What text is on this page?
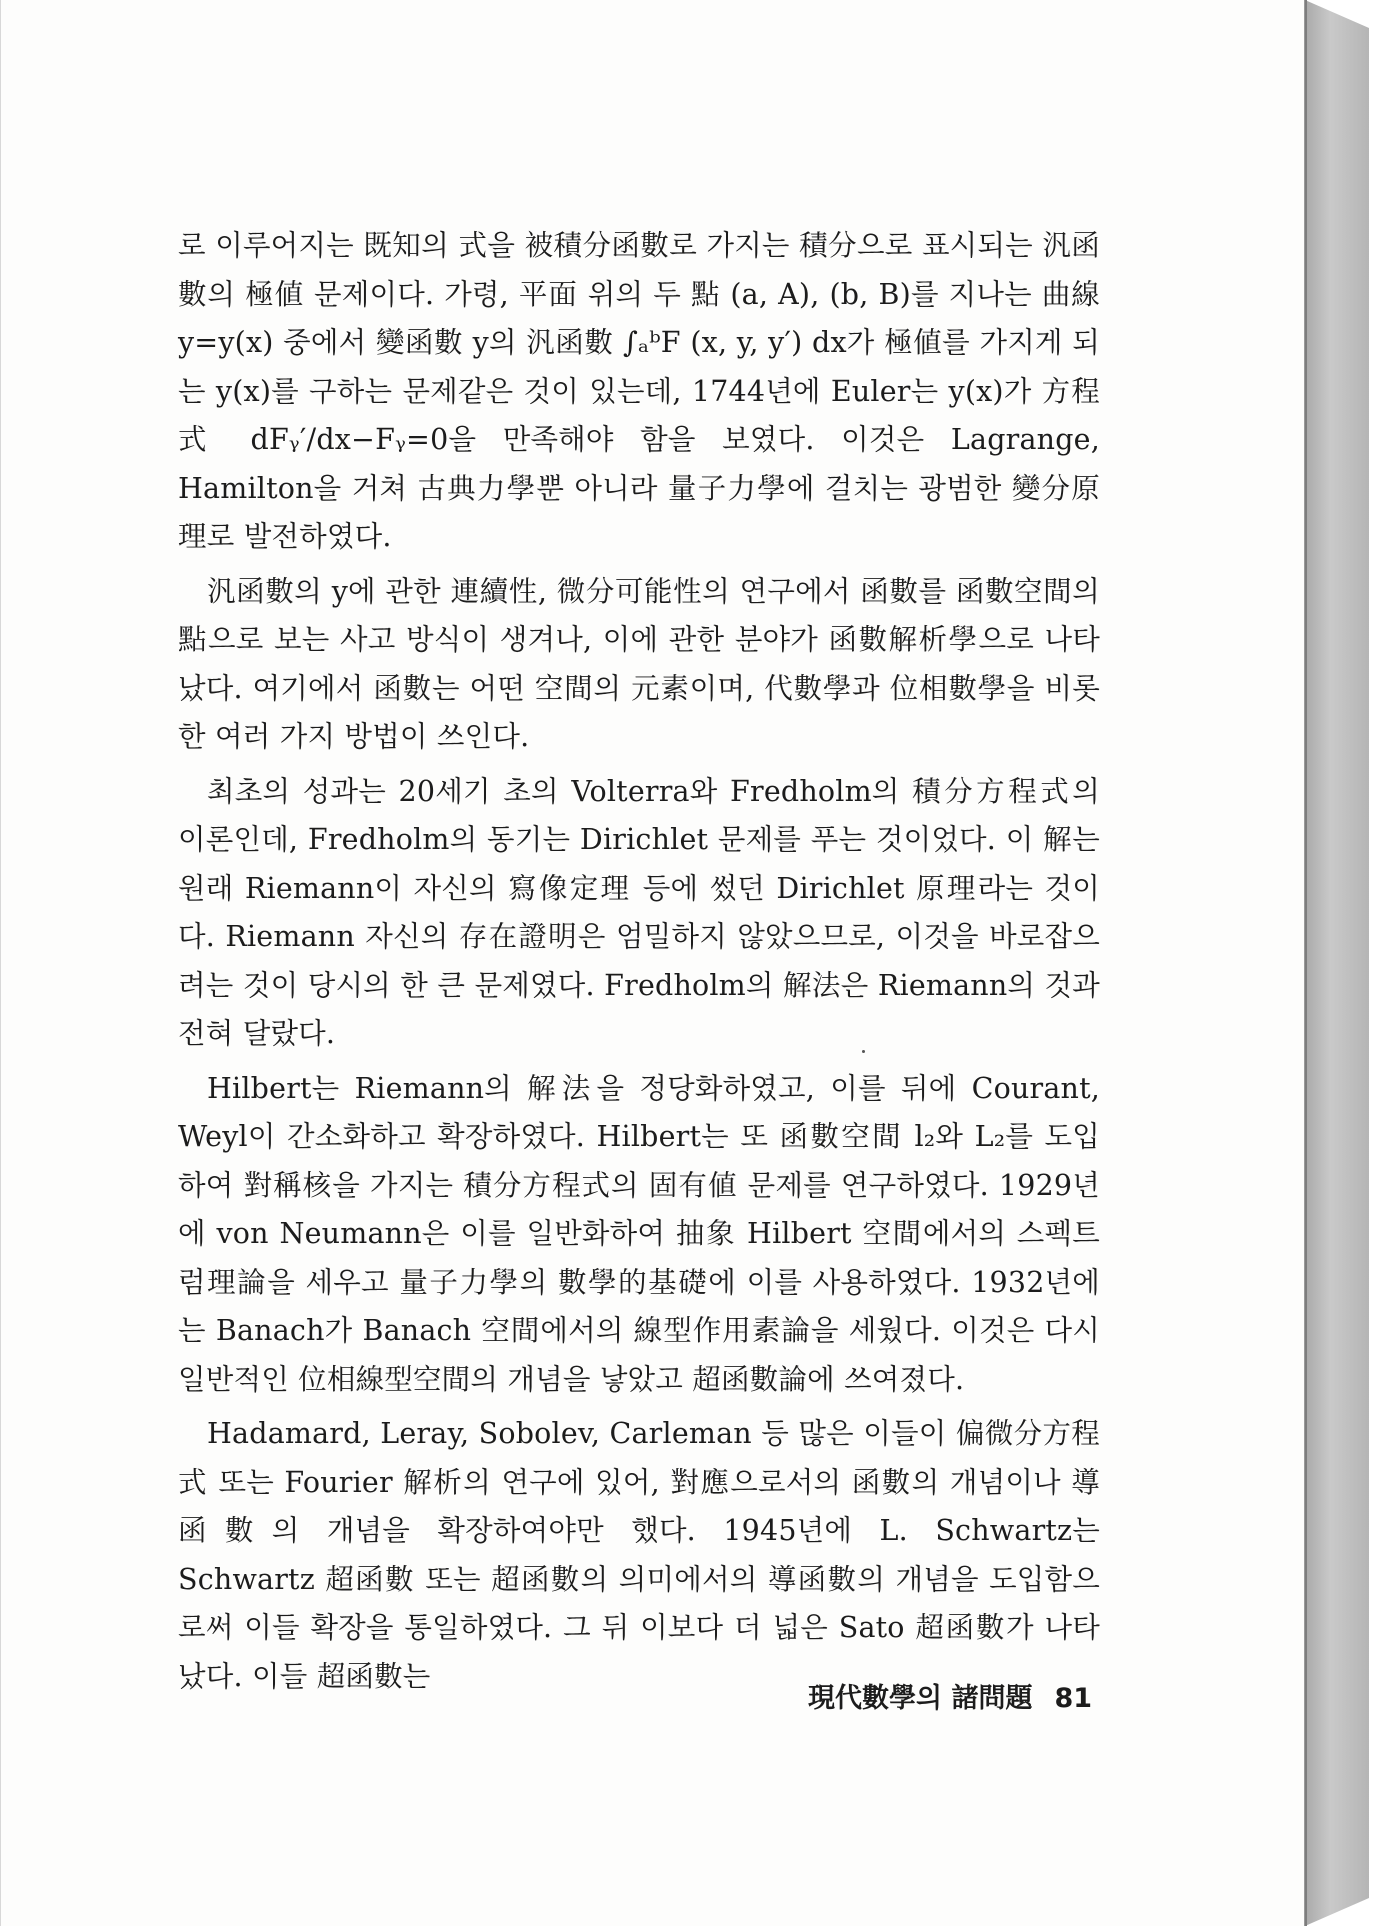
로 이루어지는 既知의 式을 被積分函數로 가지는 積分으로 표시되는 汎函數의 極値 문제이다. 가령, 平面 위의 두 點 (a, A), (b, B)를 지나는 曲線 y=y(x) 중에서 變函數 y의 汎函數 ∫ₐᵇF (x, y, y′) dx가 極値를 가지게 되는 y(x)를 구하는 문제같은 것이 있는데, 1744년에 Euler는 y(x)가 方程式 dFᵧ′/dx−Fᵧ=0을 만족해야 함을 보였다. 이것은 Lagrange, Hamilton을 거쳐 古典力學뿐 아니라 量子力學에 걸치는 광범한 變分原理로 발전하였다.

汎函數의 y에 관한 連續性, 微分可能性의 연구에서 函數를 函數空間의 點으로 보는 사고 방식이 생겨나, 이에 관한 분야가 函數解析學으로 나타났다. 여기에서 函數는 어떤 空間의 元素이며, 代數學과 位相數學을 비롯한 여러 가지 방법이 쓰인다.

최초의 성과는 20세기 초의 Volterra와 Fredholm의 積分方程式의 이론인데, Fredholm의 동기는 Dirichlet 문제를 푸는 것이었다. 이 解는 원래 Riemann이 자신의 寫像定理 등에 썼던 Dirichlet 原理라는 것이다. Riemann 자신의 存在證明은 엄밀하지 않았으므로, 이것을 바로잡으려는 것이 당시의 한 큰 문제였다. Fredholm의 解法은 Riemann의 것과 전혀 달랐다.

Hilbert는 Riemann의 解法을 정당화하였고, 이를 뒤에 Courant, Weyl이 간소화하고 확장하였다. Hilbert는 또 函數空間 l₂와 L₂를 도입하여 對稱核을 가지는 積分方程式의 固有値 문제를 연구하였다. 1929년에 von Neumann은 이를 일반화하여 抽象 Hilbert 空間에서의 스펙트럼理論을 세우고 量子力學의 數學的基礎에 이를 사용하였다. 1932년에는 Banach가 Banach 空間에서의 線型作用素論을 세웠다. 이것은 다시 일반적인 位相線型空間의 개념을 낳았고 超函數論에 쓰여졌다.

Hadamard, Leray, Sobolev, Carleman 등 많은 이들이 偏微分方程式 또는 Fourier 解析의 연구에 있어, 對應으로서의 函數의 개념이나 導函數의 개념을 확장하여야만 했다. 1945년에 L. Schwartz는 Schwartz 超函數 또는 超函數의 의미에서의 導函數의 개념을 도입함으로써 이들 확장을 통일하였다. 그 뒤 이보다 더 넓은 Sato 超函數가 나타났다. 이들 超函數는

現代數學의 諸問題 81
